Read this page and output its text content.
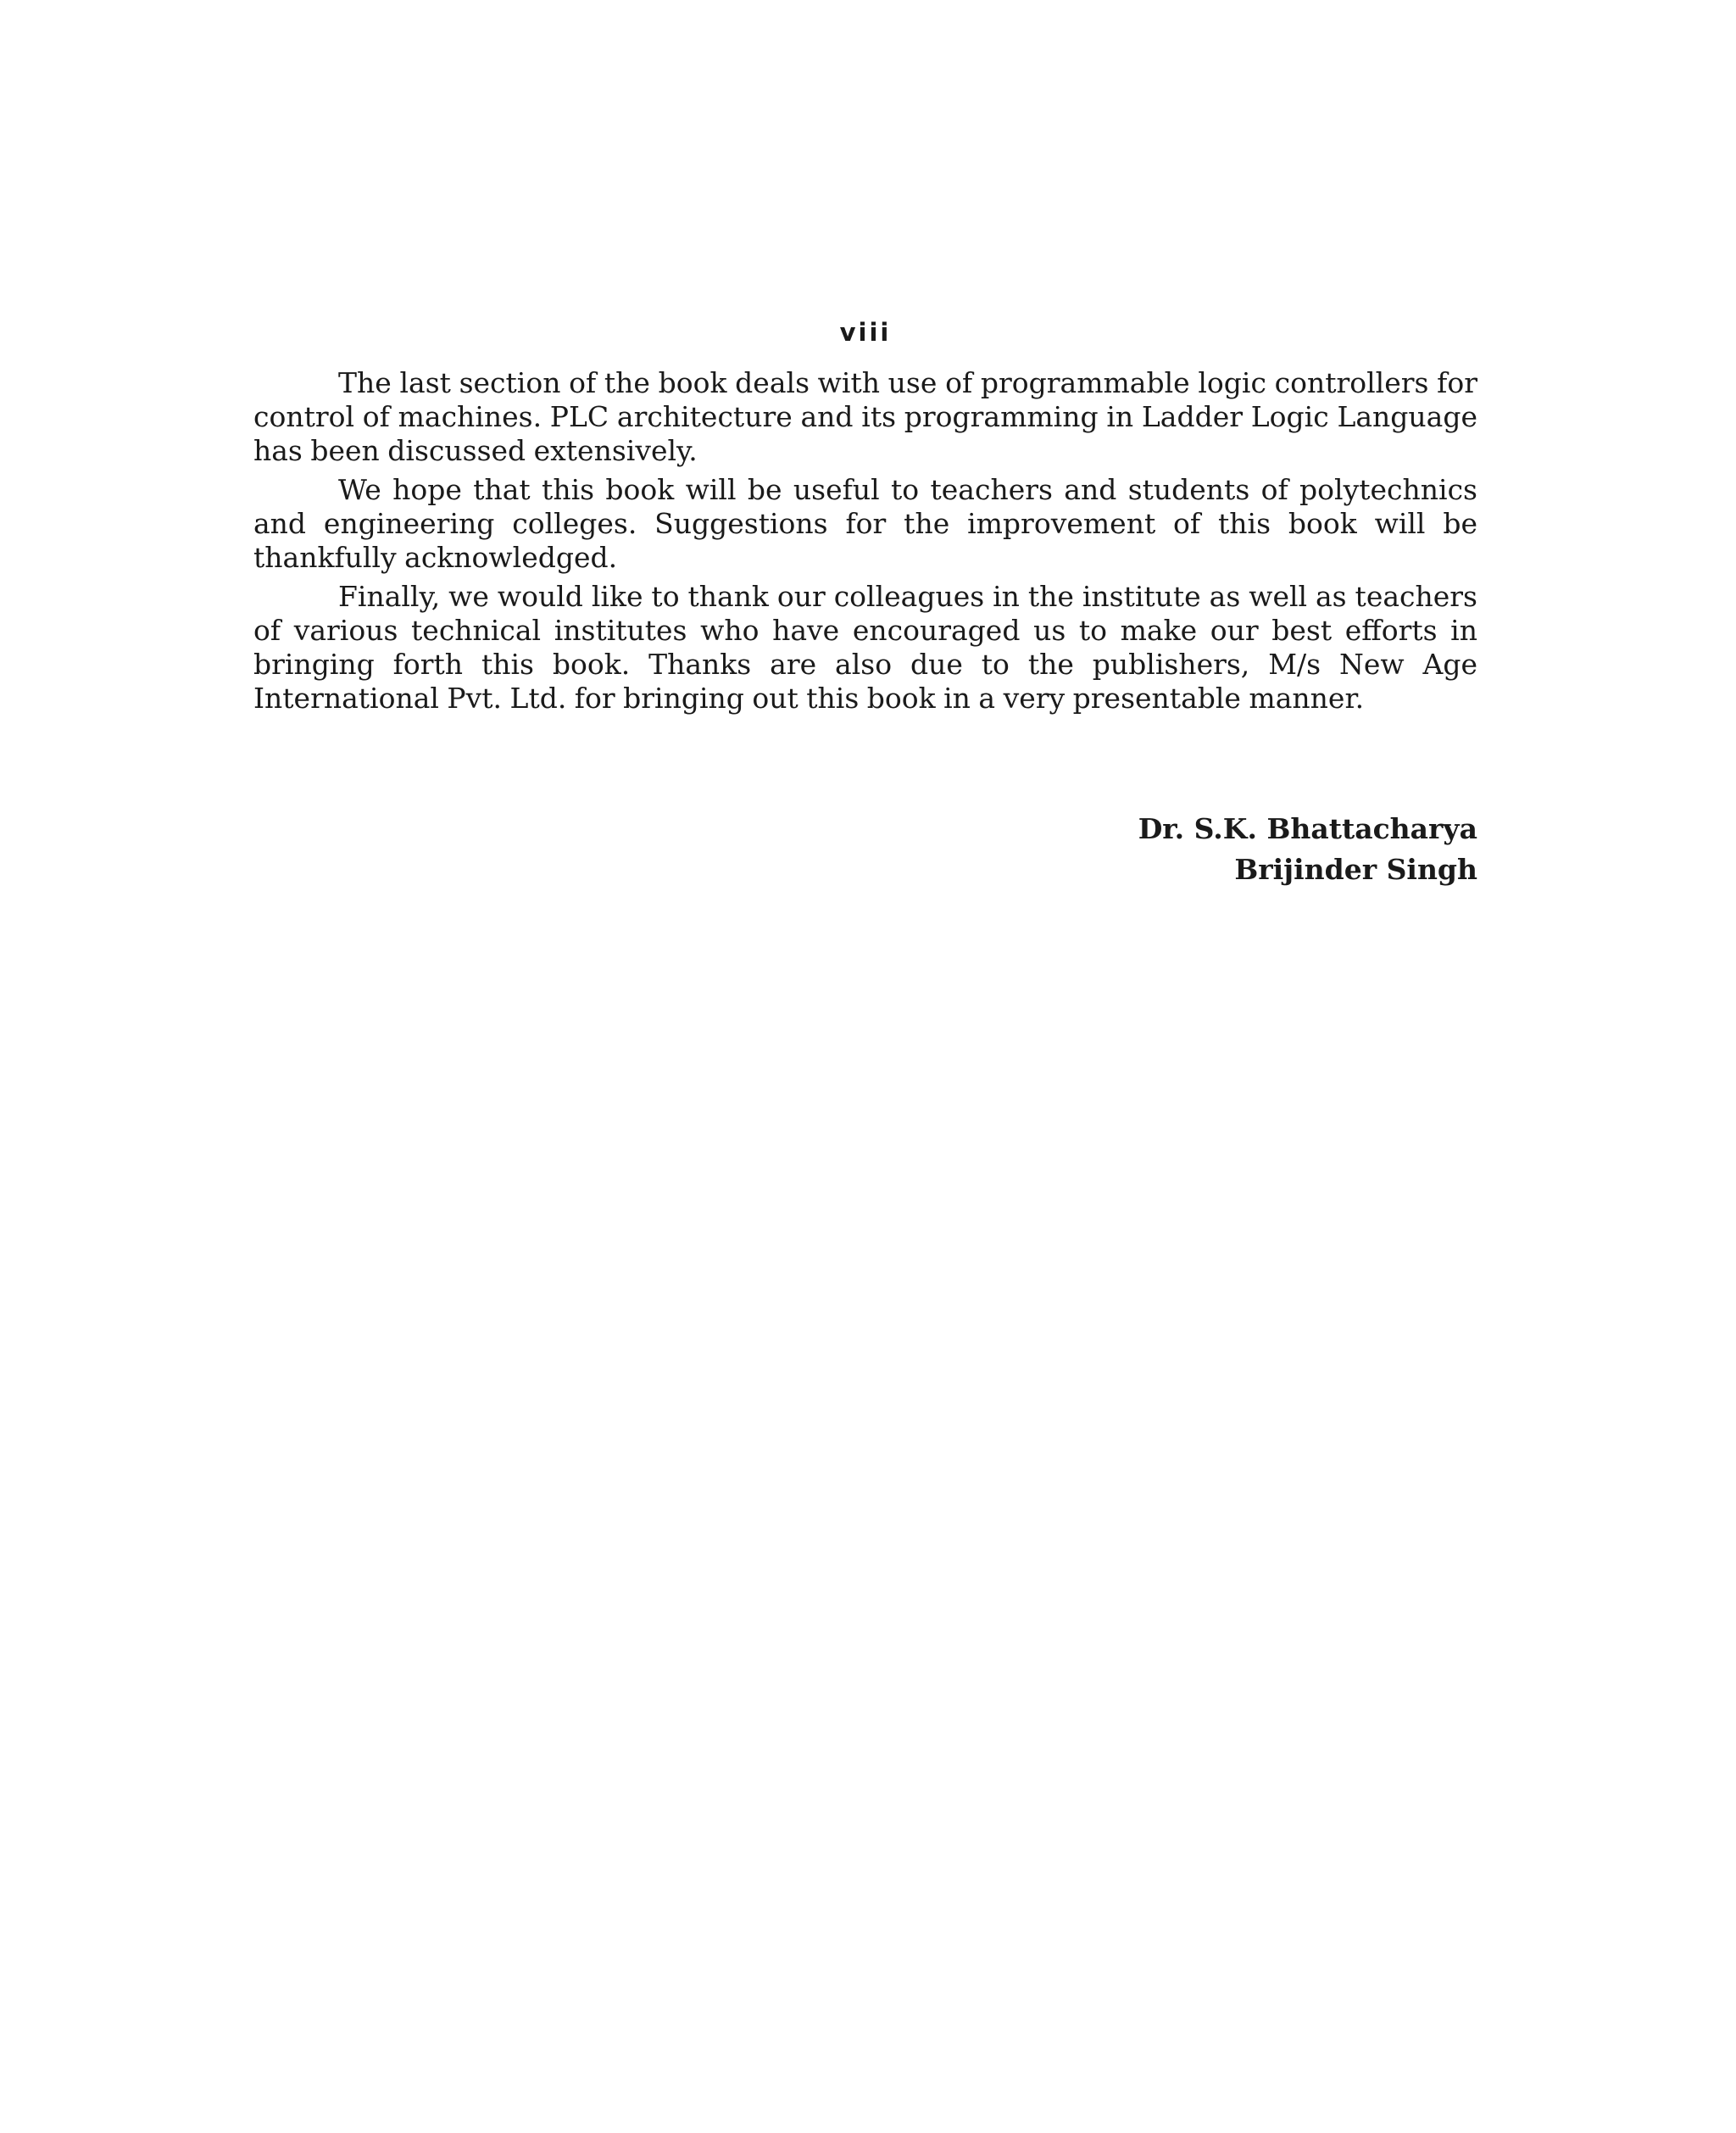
viii

The last section of the book deals with use of programmable logic controllers for control of machines. PLC architecture and its programming in Ladder Logic Language has been discussed extensively.

We hope that this book will be useful to teachers and students of polytechnics and engineering colleges. Suggestions for the improvement of this book will be thankfully acknowledged.

Finally, we would like to thank our colleagues in the institute as well as teachers of various technical institutes who have encouraged us to make our best efforts in bringing forth this book. Thanks are also due to the publishers, M/s New Age International Pvt. Ltd. for bringing out this book in a very presentable manner.

Dr. S.K. Bhattacharya
Brijinder Singh
